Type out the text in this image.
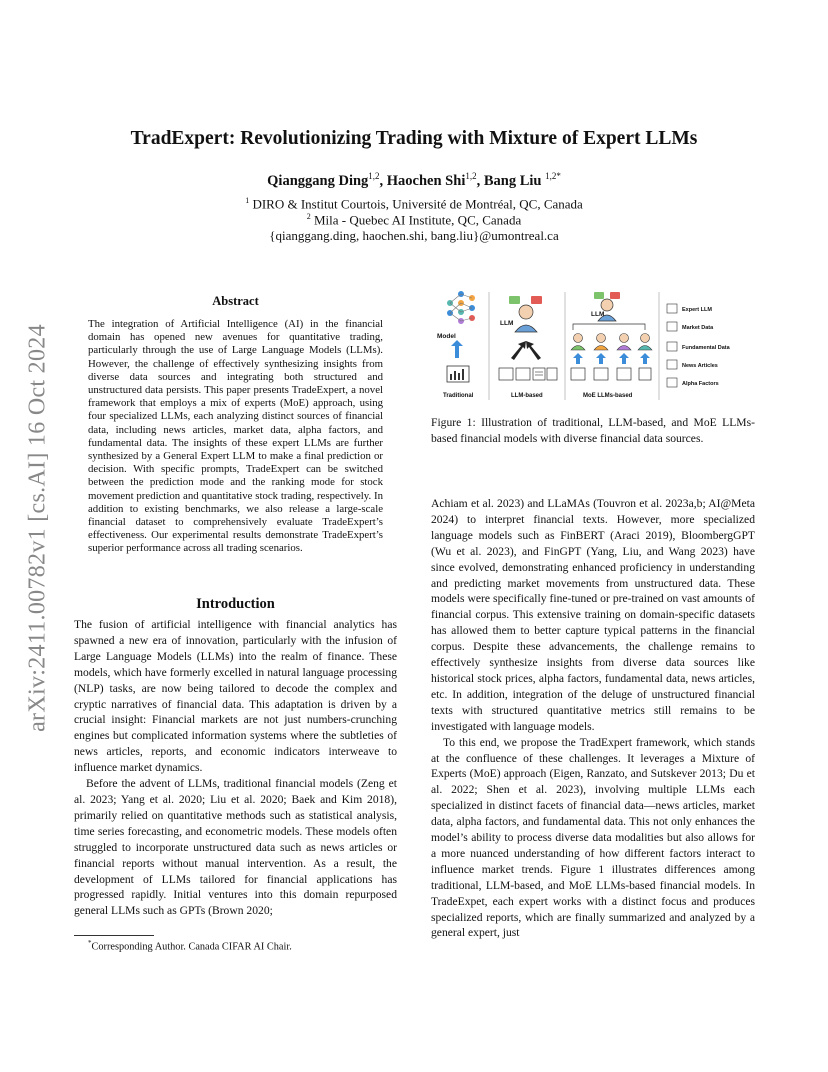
arXiv:2411.00782v1 [cs.AI] 16 Oct 2024
TradExpert: Revolutionizing Trading with Mixture of Expert LLMs
Qianggang Ding$^{1,2}$, Haochen Shi$^{1,2}$, Bang Liu $^{1,2*}$
$^1$ DIRO & Institut Courtois, Université de Montréal, QC, Canada
$^2$ Mila - Quebec AI Institute, QC, Canada
{qianggang.ding, haochen.shi, bang.liu}@umontreal.ca
Abstract
The integration of Artificial Intelligence (AI) in the financial domain has opened new avenues for quantitative trading, particularly through the use of Large Language Models (LLMs). However, the challenge of effectively synthesizing insights from diverse data sources and integrating both structured and unstructured data persists. This paper presents TradeExpert, a novel framework that employs a mix of experts (MoE) approach, using four specialized LLMs, each analyzing distinct sources of financial data, including news articles, market data, alpha factors, and fundamental data. The insights of these expert LLMs are further synthesized by a General Expert LLM to make a final prediction or decision. With specific prompts, TradeExpert can be switched between the prediction mode and the ranking mode for stock movement prediction and quantitative stock trading, respectively. In addition to existing benchmarks, we also release a large-scale financial dataset to comprehensively evaluate TradeExpert’s effectiveness. Our experimental results demonstrate TradeExpert’s superior performance across all trading scenarios.
Introduction

The fusion of artificial intelligence with financial analytics has spawned a new era of innovation, particularly with the infusion of Large Language Models (LLMs) into the realm of finance. These models, which have formerly excelled in natural language processing (NLP) tasks, are now being tailored to decode the complex and cryptic narratives of financial data. This adaptation is driven by a crucial insight: Financial markets are not just numbers-crunching engines but complicated information systems where the subtleties of news articles, reports, and economic indicators interweave to influence market dynamics.

Before the advent of LLMs, traditional financial models (Zeng et al. 2023; Yang et al. 2020; Liu et al. 2020; Baek and Kim 2018), primarily relied on quantitative methods such as statistical analysis, time series forecasting, and econometric models. These models often struggled to incorporate unstructured data such as news articles or financial reports without manual intervention. As a result, the development of LLMs tailored for financial applications has progressed rapidly. Initial ventures into this domain repurposed general LLMs such as GPTs (Brown 2020;

*Corresponding Author. Canada CIFAR AI Chair.
Model
Traditional
LLM
LLM-based
LLM
MoE LLMs-based
Expert LLM
Market Data
Fundamental Data
News Articles
Alpha Factors
Figure 1: Illustration of traditional, LLM-based, and MoE LLMs-based financial models with diverse financial data sources.

Achiam et al. 2023) and LLaMAs (Touvron et al. 2023a,b; AI@Meta 2024) to interpret financial texts. However, more specialized language models such as FinBERT (Araci 2019), BloombergGPT (Wu et al. 2023), and FinGPT (Yang, Liu, and Wang 2023) have since evolved, demonstrating enhanced proficiency in understanding and predicting market movements from unstructured data. These models were specifically fine-tuned or pre-trained on vast amounts of financial corpus. This extensive training on domain-specific datasets has allowed them to better capture typical patterns in the financial corpus. Despite these advancements, the challenge remains to effectively synthesize insights from diverse data sources like historical stock prices, alpha factors, fundamental data, news articles, etc. In addition, integration of the deluge of unstructured financial texts with structured quantitative metrics still remains to be investigated with language models.

To this end, we propose the TradExpert framework, which stands at the confluence of these challenges. It leverages a Mixture of Experts (MoE) approach (Eigen, Ranzato, and Sutskever 2013; Du et al. 2022; Shen et al. 2023), involving multiple LLMs each specialized in distinct facets of financial data—news articles, market data, alpha factors, and fundamental data. This not only enhances the model’s ability to process diverse data modalities but also allows for a more nuanced understanding of how different factors interact to influence market trends. Figure 1 illustrates differences among traditional, LLM-based, and MoE LLMs-based financial models. In TradeExpet, each expert works with a distinct focus and produces specialized reports, which are finally summarized and analyzed by a general expert, just
